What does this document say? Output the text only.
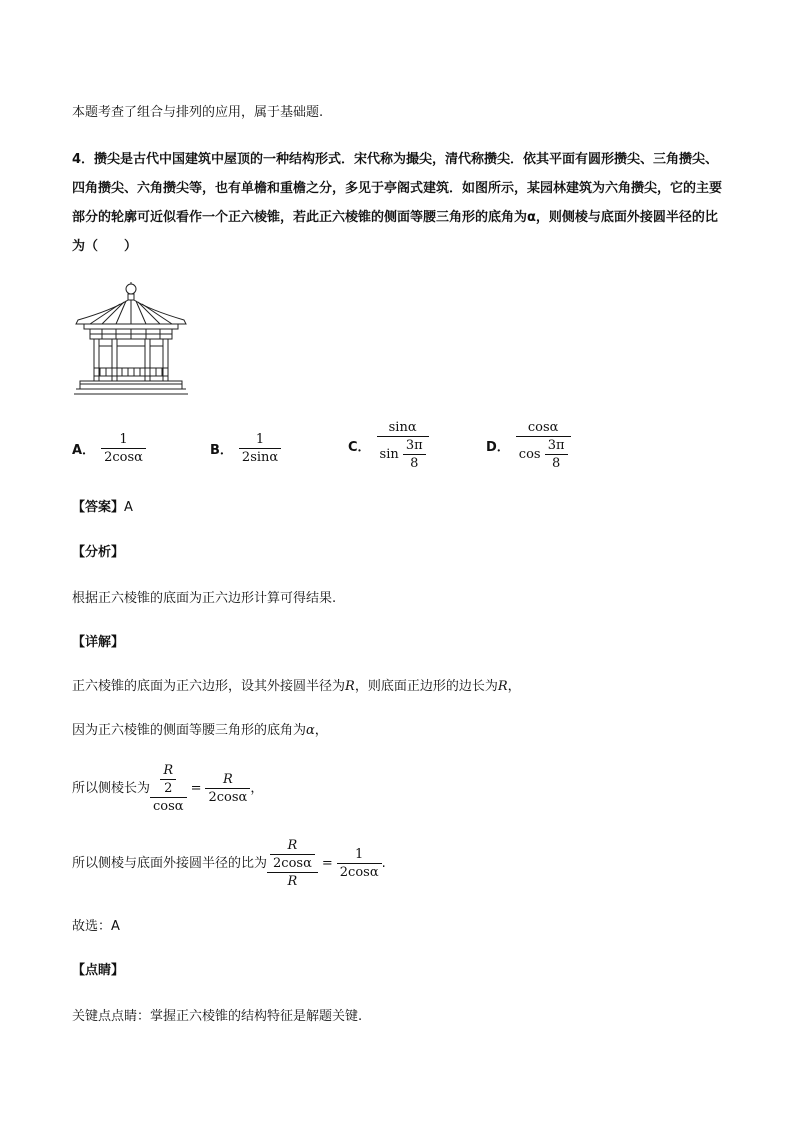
本题考查了组合与排列的应用，属于基础题.
4．攒尖是古代中国建筑中屋顶的一种结构形式．宋代称为撮尖，清代称攒尖．依其平面有圆形攒尖、三角攒尖、四角攒尖、六角攒尖等，也有单檐和重檐之分，多见于亭阁式建筑．如图所示，某园林建筑为六角攒尖，它的主要部分的轮廓可近似看作一个正六棱锥，若此正六棱锥的侧面等腰三角形的底角为α，则侧棱与底面外接圆半径的比为（　　）
A． $\frac{1}{2\cos\alpha}$	B． $\frac{1}{2\sin\alpha}$	C． $\frac{\sin\alpha}{\sin \frac{3\pi}{8}}$	D． $\frac{\cos\alpha}{\cos \frac{3\pi}{8}}$
【答案】A
【分析】
根据正六棱锥的底面为正六边形计算可得结果.
【详解】
正六棱锥的底面为正六边形，设其外接圆半径为R，则底面正边形的边长为R，
因为正六棱锥的侧面等腰三角形的底角为α，
所以侧棱长为 $\frac{\frac{R}{2}}{\cos\alpha} = \frac{R}{2\cos\alpha}$ ，
所以侧棱与底面外接圆半径的比为 $\frac{\frac{R}{2\cos\alpha}}{R} = \frac{1}{2\cos\alpha}$ .
故选：A
【点睛】
关键点点睛：掌握正六棱锥的结构特征是解题关键.
